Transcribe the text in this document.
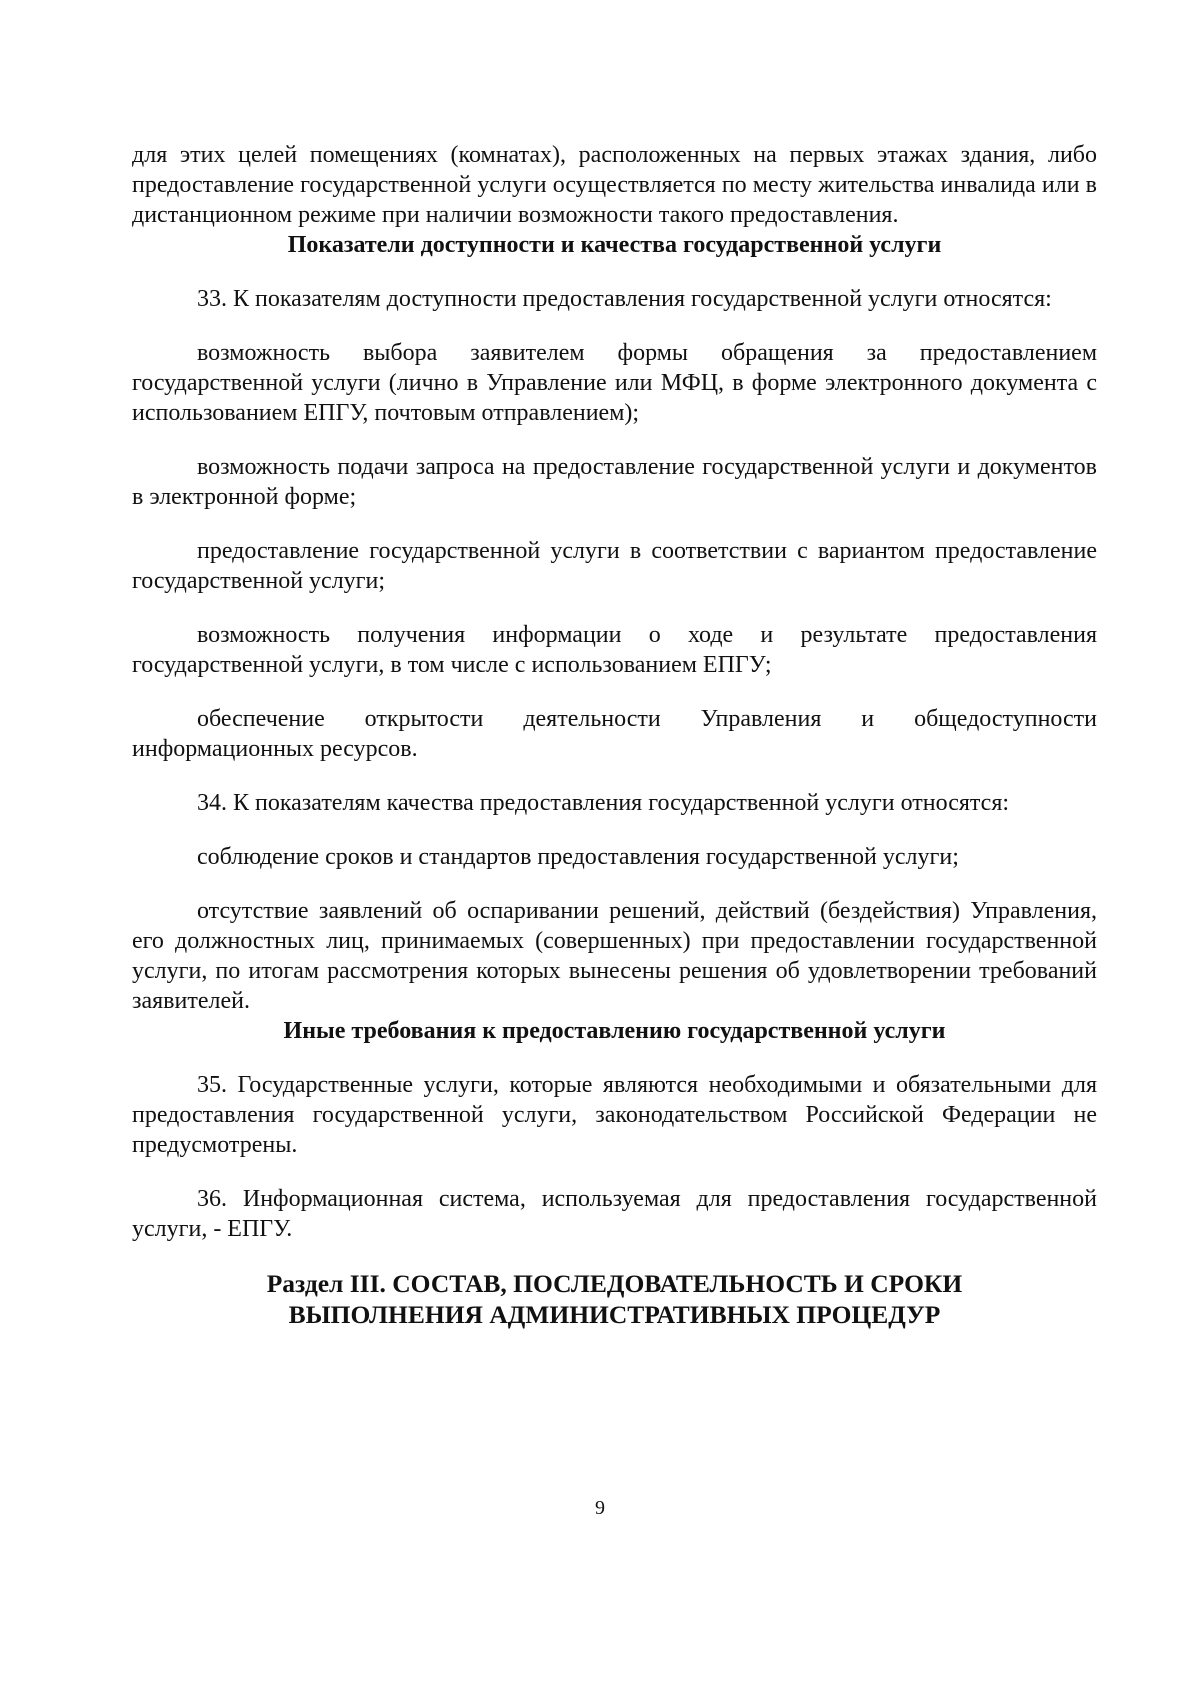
для этих целей помещениях (комнатах), расположенных на первых этажах здания, либо предоставление государственной услуги осуществляется по месту жительства инвалида или в дистанционном режиме при наличии возможности такого предоставления.

Показатели доступности и качества государственной услуги

33. К показателям доступности предоставления государственной услуги относятся:

возможность выбора заявителем формы обращения за предоставлением государственной услуги (лично в Управление или МФЦ, в форме электронного документа с использованием ЕПГУ, почтовым отправлением);

возможность подачи запроса на предоставление государственной услуги и документов в электронной форме;

предоставление государственной услуги в соответствии с вариантом предоставление государственной услуги;

возможность получения информации о ходе и результате предоставления государственной услуги, в том числе с использованием ЕПГУ;

обеспечение открытости деятельности Управления и общедоступности информационных ресурсов.

34. К показателям качества предоставления государственной услуги относятся:

соблюдение сроков и стандартов предоставления государственной услуги;

отсутствие заявлений об оспаривании решений, действий (бездействия) Управления, его должностных лиц, принимаемых (совершенных) при предоставлении государственной услуги, по итогам рассмотрения которых вынесены решения об удовлетворении требований заявителей.

Иные требования к предоставлению государственной услуги

35. Государственные услуги, которые являются необходимыми и обязательными для предоставления государственной услуги, законодательством Российской Федерации не предусмотрены.

36. Информационная система, используемая для предоставления государственной услуги, - ЕПГУ.

Раздел III. СОСТАВ, ПОСЛЕДОВАТЕЛЬНОСТЬ И СРОКИ

ВЫПОЛНЕНИЯ АДМИНИСТРАТИВНЫХ ПРОЦЕДУР

9
